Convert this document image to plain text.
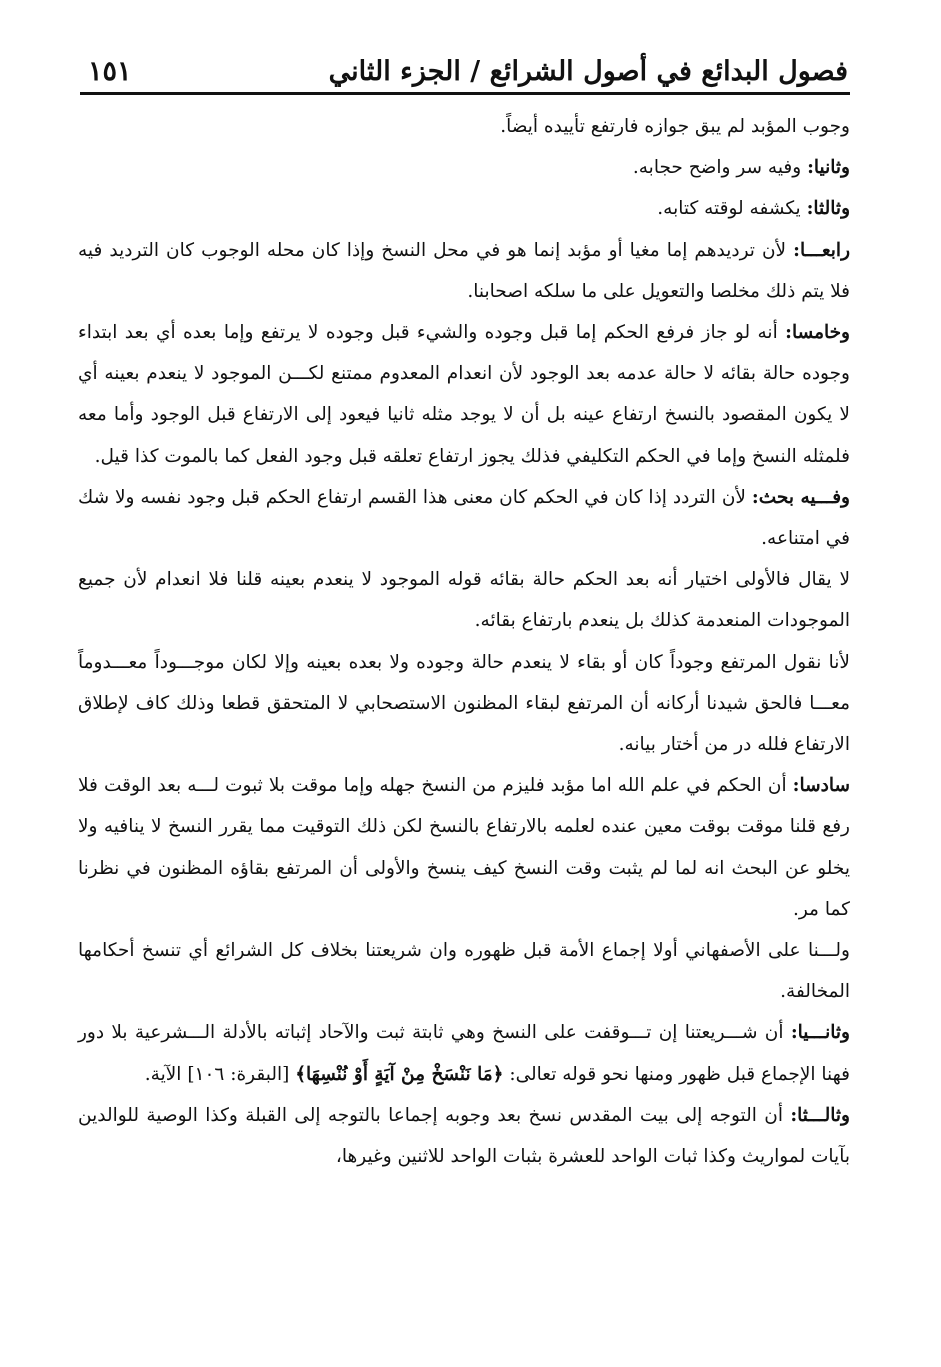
فصول البدائع في أصول الشرائع / الجزء الثاني
١٥١

وجوب المؤبد لم يبق جوازه فارتفع تأييده أيضاً.

وثانيا: وفيه سر واضح حجابه.

وثالثا: يكشفه لوقته كتابه.

رابعـــا: لأن ترديدهم إما مغيا أو مؤبد إنما هو في محل النسخ وإذا كان محله الوجوب كان الترديد فيه فلا يتم ذلك مخلصا والتعويل على ما سلكه اصحابنا.

وخامسا: أنه لو جاز فرفع الحكم إما قبل وجوده والشيء قبل وجوده لا يرتفع وإما بعده أي بعد ابتداء وجوده حالة بقائه لا حالة عدمه بعد الوجود لأن انعدام المعدوم ممتنع لكـــن الموجود لا ينعدم بعينه أي لا يكون المقصود بالنسخ ارتفاع عينه بل أن لا يوجد مثله ثانيا فيعود إلى الارتفاع قبل الوجود وأما معه فلمثله النسخ وإما في الحكم التكليفي فذلك يجوز ارتفاع تعلقه قبل وجود الفعل كما بالموت كذا قيل.

وفـــيه بحث: لأن التردد إذا كان في الحكم كان معنى هذا القسم ارتفاع الحكم قبل وجود نفسه ولا شك في امتناعه.

لا يقال فالأولى اختيار أنه بعد الحكم حالة بقائه قوله الموجود لا ينعدم بعينه قلنا فلا انعدام لأن جميع الموجودات المنعدمة كذلك بل ينعدم بارتفاع بقائه.

لأنا نقول المرتفع وجوداً كان أو بقاء لا ينعدم حالة وجوده ولا بعده بعينه وإلا لكان موجـــوداً معـــدوماً معـــا فالحق شيدنا أركانه أن المرتفع لبقاء المظنون الاستصحابي لا المتحقق قطعا وذلك كاف لإطلاق الارتفاع فلله در من أختار بيانه.

سادسا: أن الحكم في علم الله اما مؤبد فليزم من النسخ جهله وإما موقت بلا ثبوت لـــه بعد الوقت فلا رفع قلنا موقت بوقت معين عنده لعلمه بالارتفاع بالنسخ لكن ذلك التوقيت مما يقرر النسخ لا ينافيه ولا يخلو عن البحث انه لما لم يثبت وقت النسخ كيف ينسخ والأولى أن المرتفع بقاؤه المظنون في نظرنا كما مر.

ولـــنا على الأصفهاني أولا إجماع الأمة قبل ظهوره وان شريعتنا بخلاف كل الشرائع أي تنسخ أحكامها المخالفة.

وثانـــيا: أن شـــريعتنا إن تـــوقفت على النسخ وهي ثابتة ثبت والآحاد إثباته بالأدلة الـــشرعية بلا دور فهنا الإجماع قبل ظهور ومنها نحو قوله تعالى: ﴿مَا نَنْسَخْ مِنْ آيَةٍ أَوْ نُنْسِهَا﴾ [البقرة: ١٠٦] الآية.

وثالـــثا: أن التوجه إلى بيت المقدس نسخ بعد وجوبه إجماعا بالتوجه إلى القبلة وكذا الوصية للوالدين بآيات لمواريث وكذا ثبات الواحد للعشرة بثبات الواحد للاثنين وغيرها،
